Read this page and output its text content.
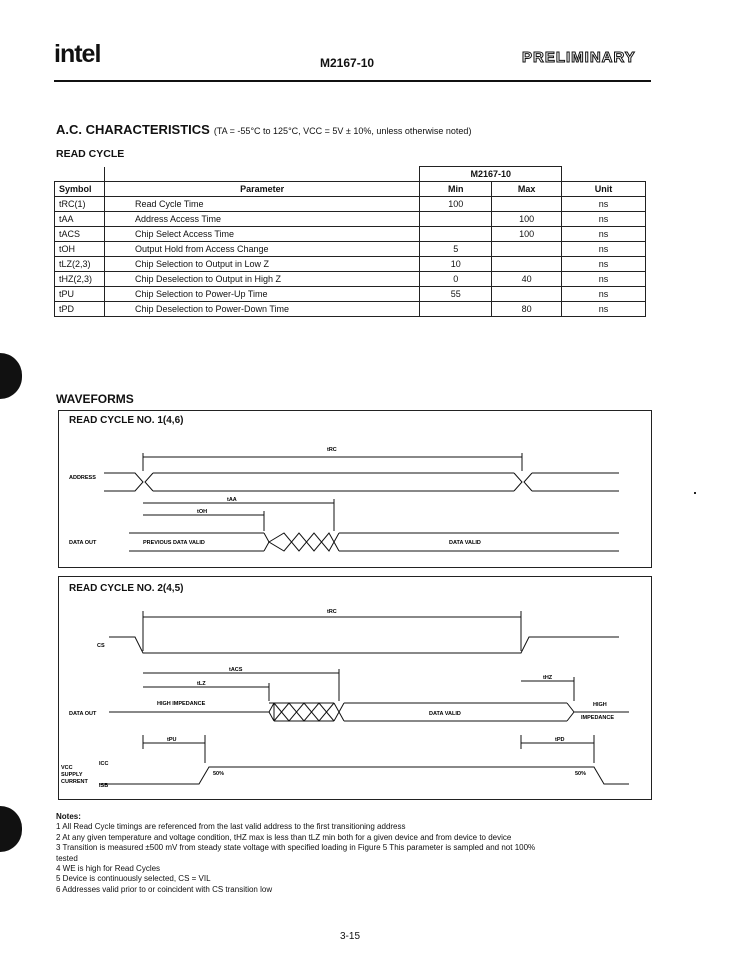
intel	M2167-10	PRELIMINARY
A.C. CHARACTERISTICS (TA = -55°C to 125°C, VCC = 5V ± 10%, unless otherwise noted)
READ CYCLE
		M2167-10		
Symbol	Parameter	Min	Max	Unit
tRC(1)	Read Cycle Time	100		ns
tAA	Address Access Time		100	ns
tACS	Chip Select Access Time		100	ns
tOH	Output Hold from Access Change	5		ns
tLZ(2,3)	Chip Selection to Output in Low Z	10		ns
tHZ(2,3)	Chip Deselection to Output in High Z	0	40	ns
tPU	Chip Selection to Power-Up Time	55		ns
tPD	Chip Deselection to Power-Down Time		80	ns
WAVEFORMS
READ CYCLE NO. 1(4,6)
ADDRESS
DATA OUT
tRC
tAA
tOH
PREVIOUS DATA VALID	DATA VALID
READ CYCLE NO. 2(4,5)
CS
DATA OUT
VCC
SUPPLY
CURRENT
ICC
ISB
tRC
tACS
tLZ
tHZ
tPU	tPD
HIGH IMPEDANCE
DATA VALID
HIGH
IMPEDANCE
50%	50%
Notes:
1 All Read Cycle timings are referenced from the last valid address to the first transitioning address
2 At any given temperature and voltage condition, tHZ max is less than tLZ min both for a given device and from device to device
3 Transition is measured ±500 mV from steady state voltage with specified loading in Figure 5 This parameter is sampled and not 100%
tested
4 WE is high for Read Cycles
5 Device is continuously selected, CS = VIL
6 Addresses valid prior to or coincident with CS transition low
3-15
